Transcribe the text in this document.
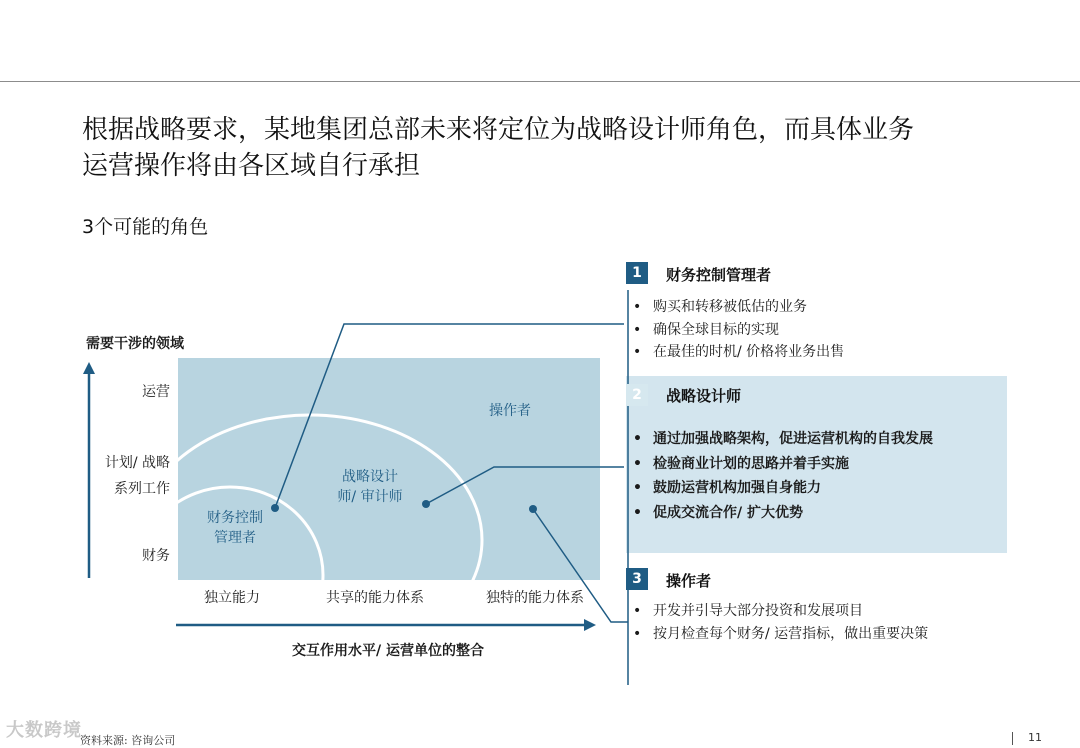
根据战略要求，某地集团总部未来将定位为战略设计师角色，而具体业务
运营操作将由各区域自行承担
3个可能的角色
需要干涉的领域
运营
计划/ 战略
系列工作
财务
独立能力	共享的能力体系	独特的能力体系
交互作用水平/ 运营单位的整合
财务控制
管理者
战略设计
师/ 审计师
操作者
1	财务控制管理者
• 购买和转移被低估的业务
• 确保全球目标的实现
• 在最佳的时机/ 价格将业务出售
2	战略设计师
• 通过加强战略架构，促进运营机构的自我发展
• 检验商业计划的思路并着手实施
• 鼓励运营机构加强自身能力
• 促成交流合作/ 扩大优势
3	操作者
• 开发并引导大部分投资和发展项目
• 按月检查每个财务/ 运营指标，做出重要决策
大数跨境
资料来源: 咨询公司	11
